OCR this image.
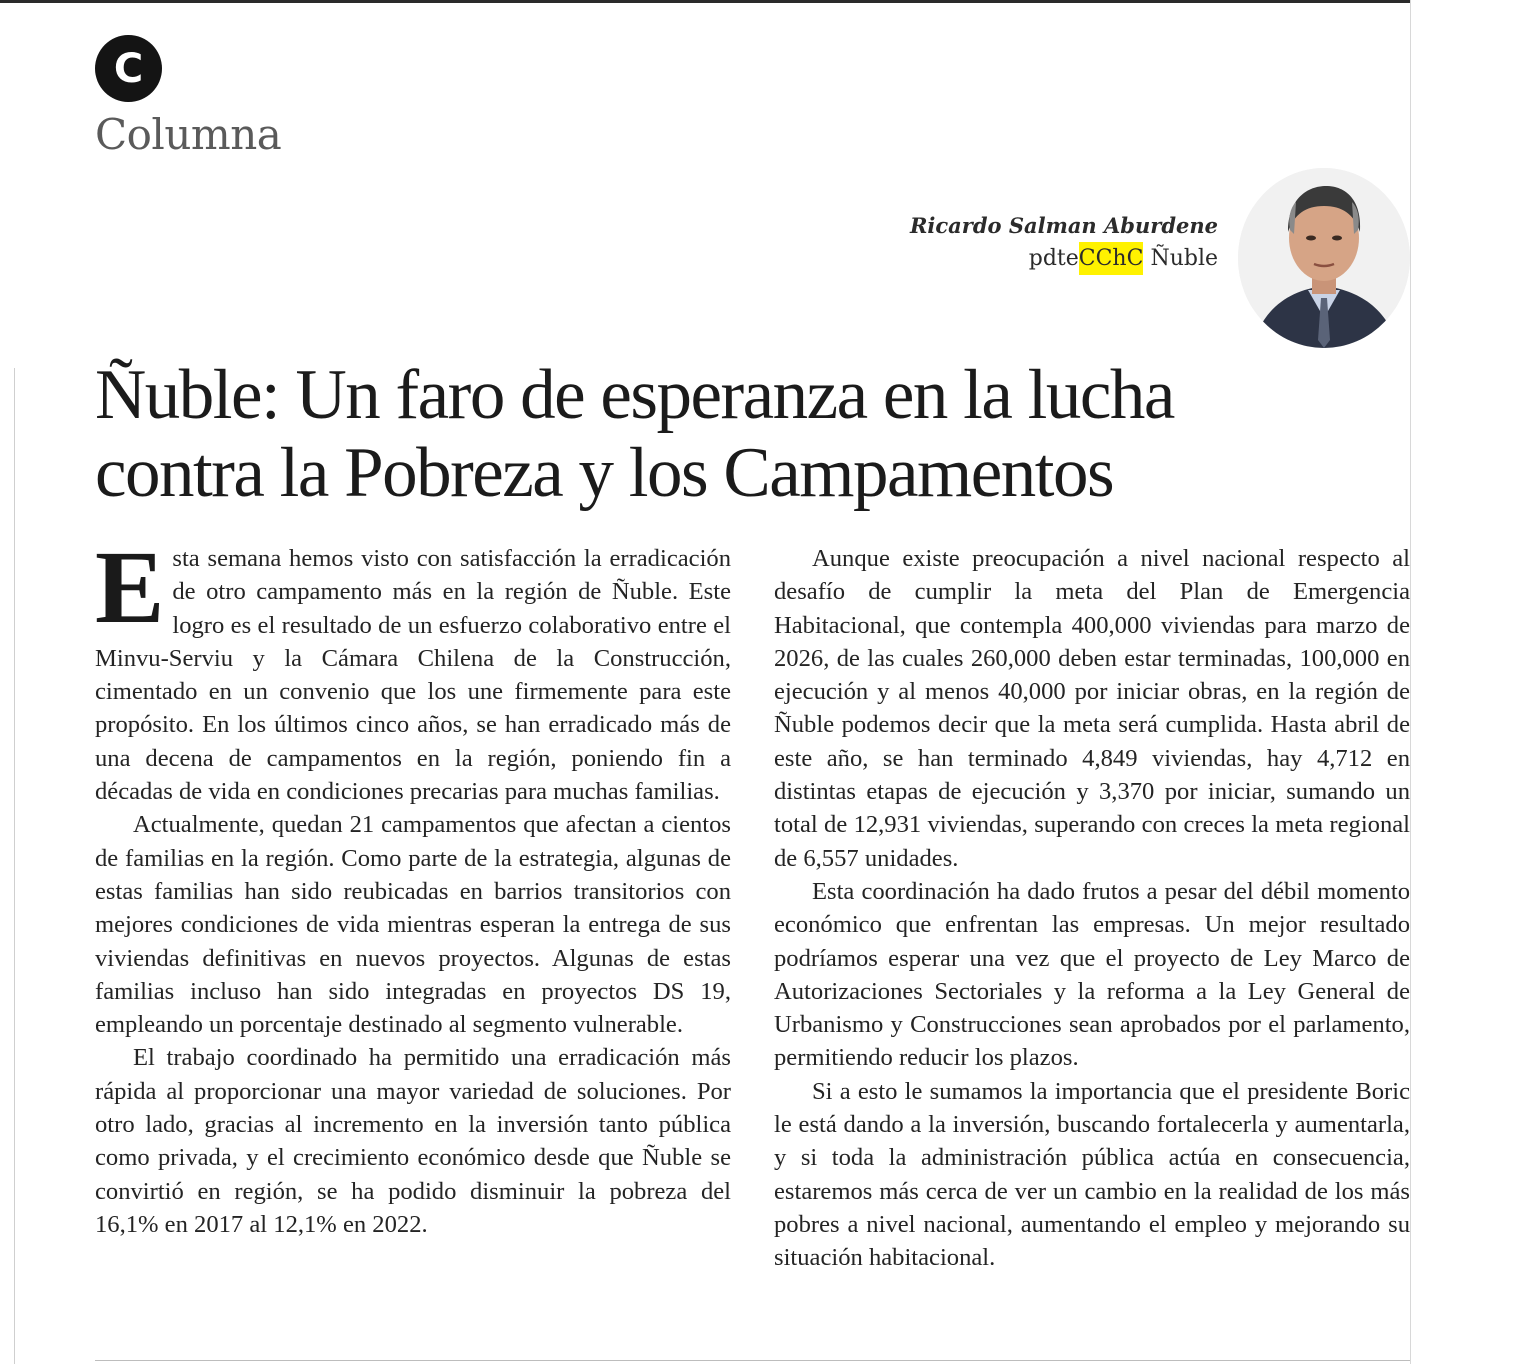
C
Columna
Ricardo Salman Aburdene
pdteCChC Ñuble
Ñuble: Un faro de esperanza en la lucha contra la Pobreza y los Campamentos

Esta semana hemos visto con satisfacción la erradicación de otro campamento más en la región de Ñuble. Este logro es el resultado de un esfuerzo colaborativo entre el Minvu-Serviu y la Cámara Chilena de la Construcción, cimentado en un convenio que los une firmemente para este propósito. En los últimos cinco años, se han erradicado más de una decena de campamentos en la región, poniendo fin a décadas de vida en condiciones precarias para muchas familias.

Actualmente, quedan 21 campamentos que afectan a cientos de familias en la región. Como parte de la estrategia, algunas de estas familias han sido reubicadas en barrios transitorios con mejores condiciones de vida mientras esperan la entrega de sus viviendas definitivas en nuevos proyectos. Algunas de estas familias incluso han sido integradas en proyectos DS 19, empleando un porcentaje destinado al segmento vulnerable.

El trabajo coordinado ha permitido una erradicación más rápida al proporcionar una mayor variedad de soluciones. Por otro lado, gracias al incremento en la inversión tanto pública como privada, y el crecimiento económico desde que Ñuble se convirtió en región, se ha podido disminuir la pobreza del 16,1% en 2017 al 12,1% en 2022.

Aunque existe preocupación a nivel nacional respecto al desafío de cumplir la meta del Plan de Emergencia Habitacional, que contempla 400,000 viviendas para marzo de 2026, de las cuales 260,000 deben estar terminadas, 100,000 en ejecución y al menos 40,000 por iniciar obras, en la región de Ñuble podemos decir que la meta será cumplida. Hasta abril de este año, se han terminado 4,849 viviendas, hay 4,712 en distintas etapas de ejecución y 3,370 por iniciar, sumando un total de 12,931 viviendas, superando con creces la meta regional de 6,557 unidades.

Esta coordinación ha dado frutos a pesar del débil momento económico que enfrentan las empresas. Un mejor resultado podríamos esperar una vez que el proyecto de Ley Marco de Autorizaciones Sectoriales y la reforma a la Ley General de Urbanismo y Construcciones sean aprobados por el parlamento, permitiendo reducir los plazos.

Si a esto le sumamos la importancia que el presidente Boric le está dando a la inversión, buscando fortalecerla y aumentarla, y si toda la administración pública actúa en consecuencia, estaremos más cerca de ver un cambio en la realidad de los más pobres a nivel nacional, aumentando el empleo y mejorando su situación habitacional.
